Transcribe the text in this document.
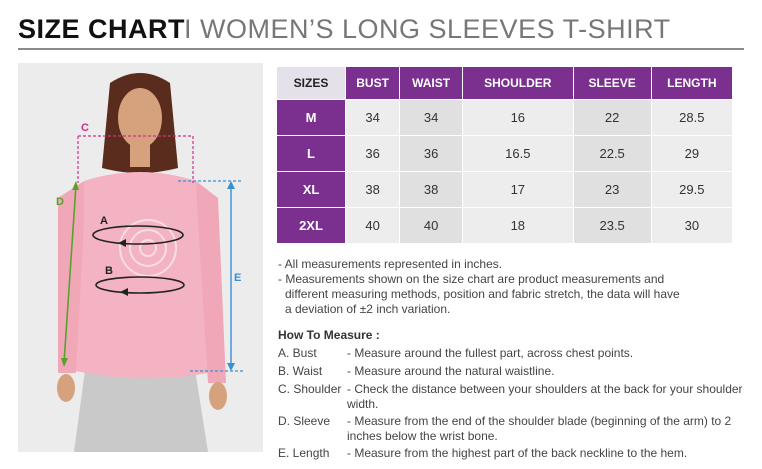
SIZE CHART I WOMEN’S LONG SLEEVES T-SHIRT
C
D
E
A
B
SIZES	BUST	WAIST	SHOULDER	SLEEVE	LENGTH
M	34	34	16	22	28.5
L	36	36	16.5	22.5	29
XL	38	38	17	23	29.5
2XL	40	40	18	23.5	30

- All measurements represented in inches.

- Measurements shown on the size chart are product measurements and

different measuring methods, position and fabric stretch, the data will have

a deviation of ±2 inch variation.

How To Measure :
A. Bust	- Measure around the fullest part, across chest points.
B. Waist	- Measure around the natural waistline.
C. Shoulder - Check the distance between your shoulders at the back for your shoulder width.
D. Sleeve	- Measure from the end of the shoulder blade (beginning of the arm) to 2 inches below the wrist bone.
E. Length	- Measure from the highest part of the back neckline to the hem.
